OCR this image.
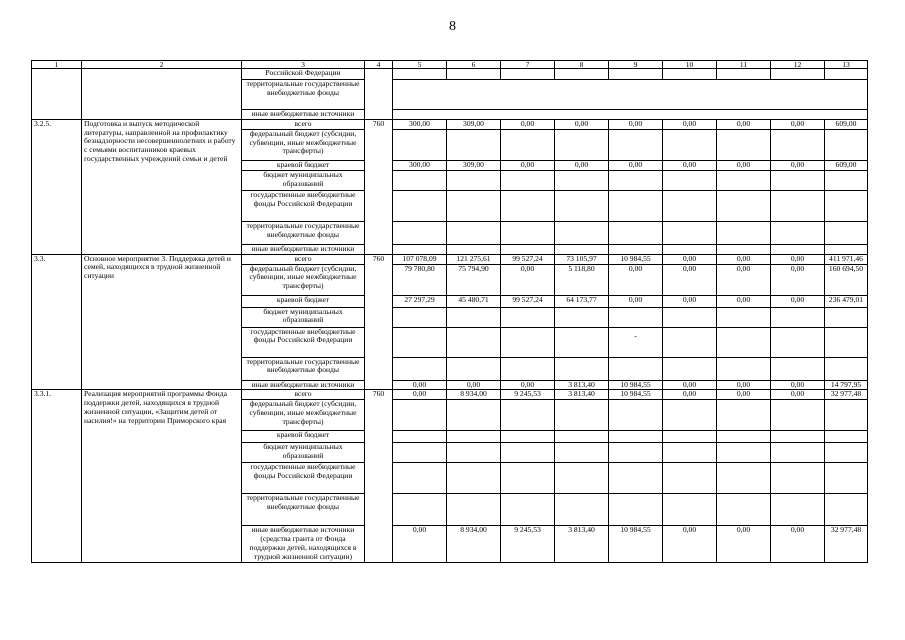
8
1	2	3	4	5	6	7	8	9	10	11	12	13
		Российской Федерации										
		территориальные государственные внебюджетные фонды										
		иные внебюджетные источники										
3.2.5.	Подготовка и выпуск методической литературы, направленной на профилактику безнадзорности несовершеннолетних и работу с семьями воспитанников краевых государственных учреждений семьи и детей	всего	760	300,00	309,00	0,00	0,00	0,00	0,00	0,00	0,00	609,00
		федеральный бюджет (субсидии, субвенции, иные межбюджетные трансферты)										
		краевой бюджет		300,00	309,00	0,00	0,00	0,00	0,00	0,00	0,00	609,00
		бюджет муниципальных образований										
		государственные внебюджетные фонды Российской Федерации										
		территориальные государственные внебюджетные фонды										
		иные внебюджетные источники										
3.3.	Основное мероприятие 3. Поддержка детей и семей, находящихся в трудной жизненной ситуации	всего	760	107 078,09	121 275,61	99 527,24	73 105,97	10 984,55	0,00	0,00	0,00	411 971,46
		федеральный бюджет (субсидии, субвенции, иные межбюджетные трансферты)		79 780,80	75 794,90	0,00	5 118,80	0,00	0,00	0,00	0,00	160 694,50
		краевой бюджет		27 297,29	45 480,71	99 527,24	64 173,77	0,00	0,00	0,00	0,00	236 479,01
		бюджет муниципальных образований										
		государственные внебюджетные фонды Российской Федерации						-				

		территориальные государственные внебюджетные фонды										
		иные внебюджетные источники		0,00	0,00	0,00	3 813,40	10 984,55	0,00	0,00	0,00	14 797,95
3.3.1.	Реализация мероприятий программы Фонда поддержки детей, находящихся в трудной жизненной ситуации, «Защитим детей от насилия!» на территории Приморского края	всего	760	0,00	8 934,00	9 245,53	3 813,40	10 984,55	0,00	0,00	0,00	32 977,48
		федеральный бюджет (субсидии, субвенции, иные межбюджетные трансферты)										
		краевой бюджет										
		бюджет муниципальных образований										
		государственные внебюджетные фонды Российской Федерации										
		территориальные государственные внебюджетные фонды										
		иные внебюджетные источники (средства гранта от Фонда поддержки детей, находящихся в трудной жизненной ситуации)		0,00	8 934,00	9 245,53	3 813,40	10 984,55	0,00	0,00	0,00	32 977,48
